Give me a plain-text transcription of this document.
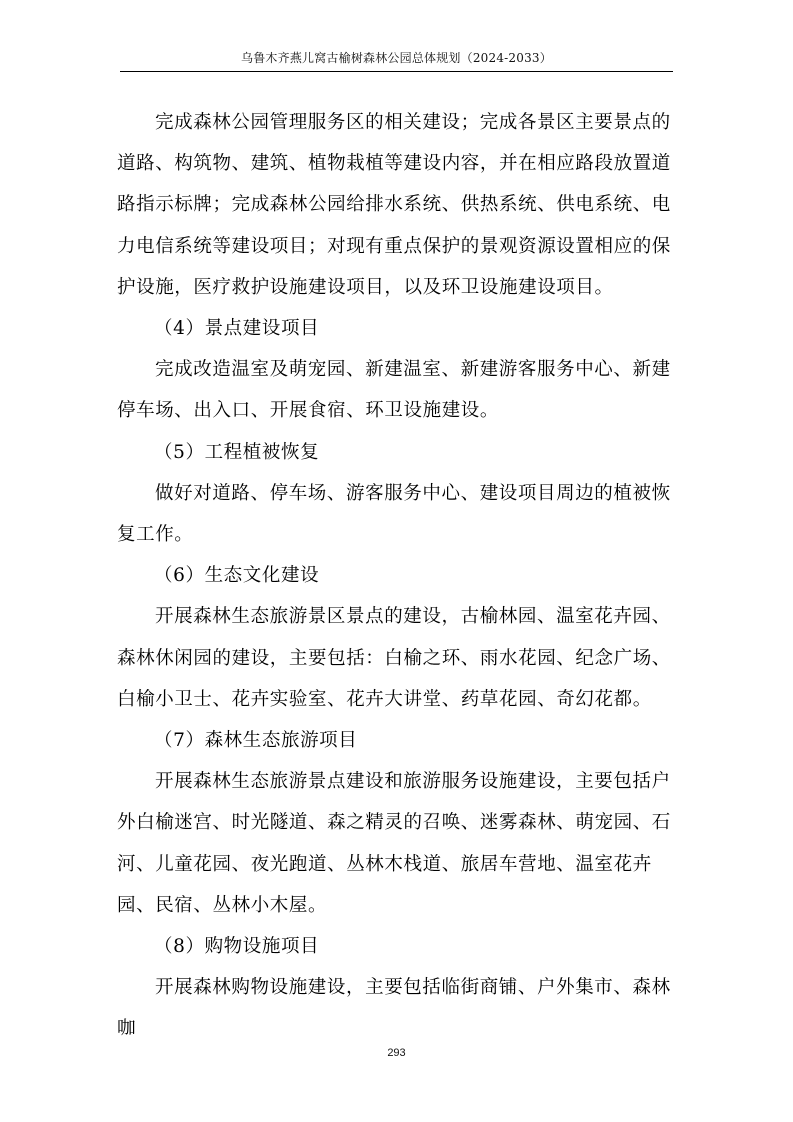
乌鲁木齐燕儿窝古榆树森林公园总体规划（2024-2033）

完成森林公园管理服务区的相关建设；完成各景区主要景点的道路、构筑物、建筑、植物栽植等建设内容，并在相应路段放置道路指示标牌；完成森林公园给排水系统、供热系统、供电系统、电力电信系统等建设项目；对现有重点保护的景观资源设置相应的保护设施，医疗救护设施建设项目，以及环卫设施建设项目。

（4）景点建设项目

完成改造温室及萌宠园、新建温室、新建游客服务中心、新建停车场、出入口、开展食宿、环卫设施建设。

（5）工程植被恢复

做好对道路、停车场、游客服务中心、建设项目周边的植被恢复工作。

（6）生态文化建设

开展森林生态旅游景区景点的建设，古榆林园、温室花卉园、森林休闲园的建设，主要包括：白榆之环、雨水花园、纪念广场、白榆小卫士、花卉实验室、花卉大讲堂、药草花园、奇幻花都。

（7）森林生态旅游项目

开展森林生态旅游景点建设和旅游服务设施建设，主要包括户外白榆迷宫、时光隧道、森之精灵的召唤、迷雾森林、萌宠园、石河、儿童花园、夜光跑道、丛林木栈道、旅居车营地、温室花卉园、民宿、丛林小木屋。

（8）购物设施项目

开展森林购物设施建设，主要包括临街商铺、户外集市、森林咖

293
